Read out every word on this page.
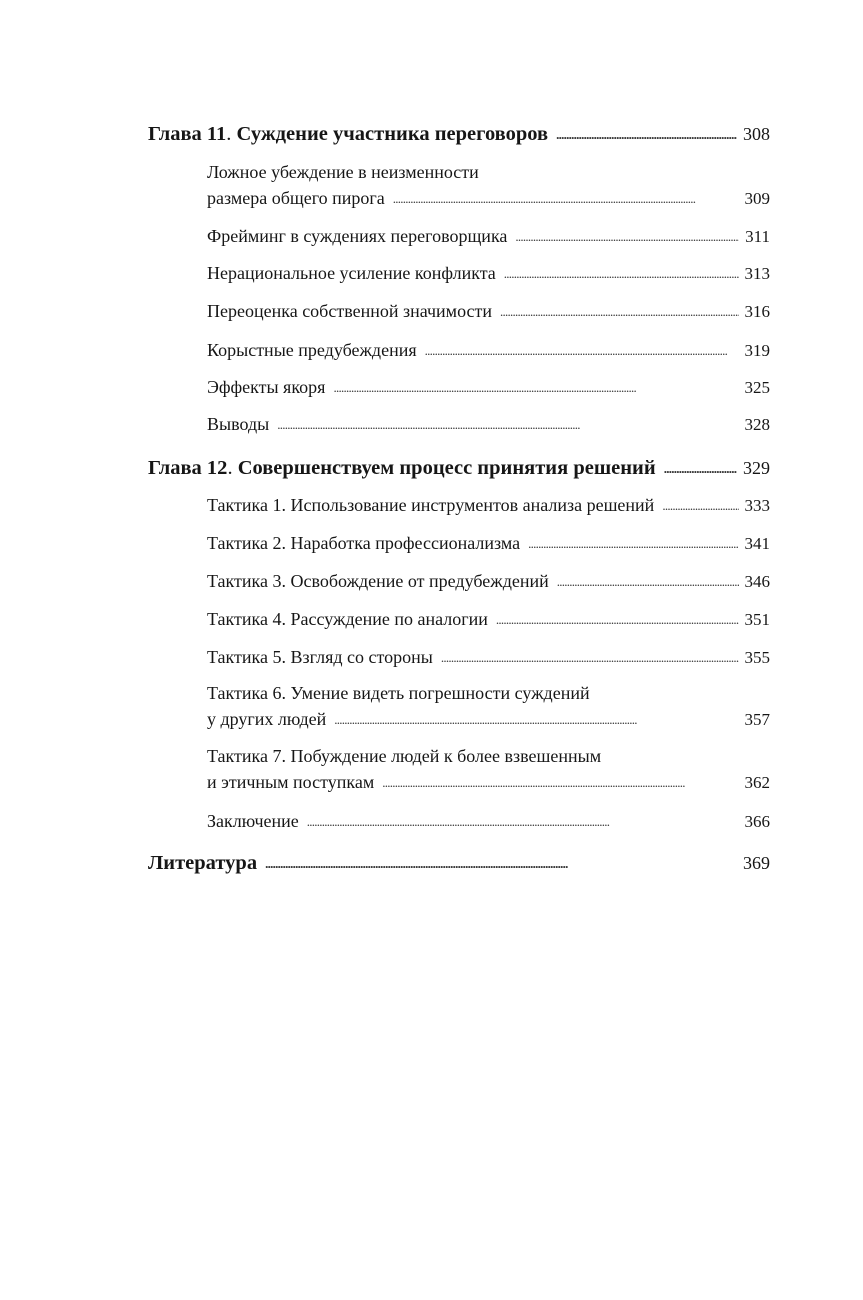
Глава 11. Суждение участника переговоров . . .	308
Ложное убеждение в неизменности
размера общего пирога . . .	309
Фрейминг в суждениях переговорщика . . .	311
Нерациональное усиление конфликта . . .	313
Переоценка собственной значимости . . .	316
Корыстные предубеждения . . .	319
Эффекты якоря . . .	325
Выводы . . .	328
Глава 12. Совершенствуем процесс принятия решений . . .	329
Тактика 1. Использование инструментов анализа решений . . .	333
Тактика 2. Наработка профессионализма . . .	341
Тактика 3. Освобождение от предубеждений . . .	346
Тактика 4. Рассуждение по аналогии . . .	351
Тактика 5. Взгляд со стороны . . .	355
Тактика 6. Умение видеть погрешности суждений
у других людей . . .	357
Тактика 7. Побуждение людей к более взвешенным
и этичным поступкам . . .	362
Заключение . . .	366
Литература . . .	369
